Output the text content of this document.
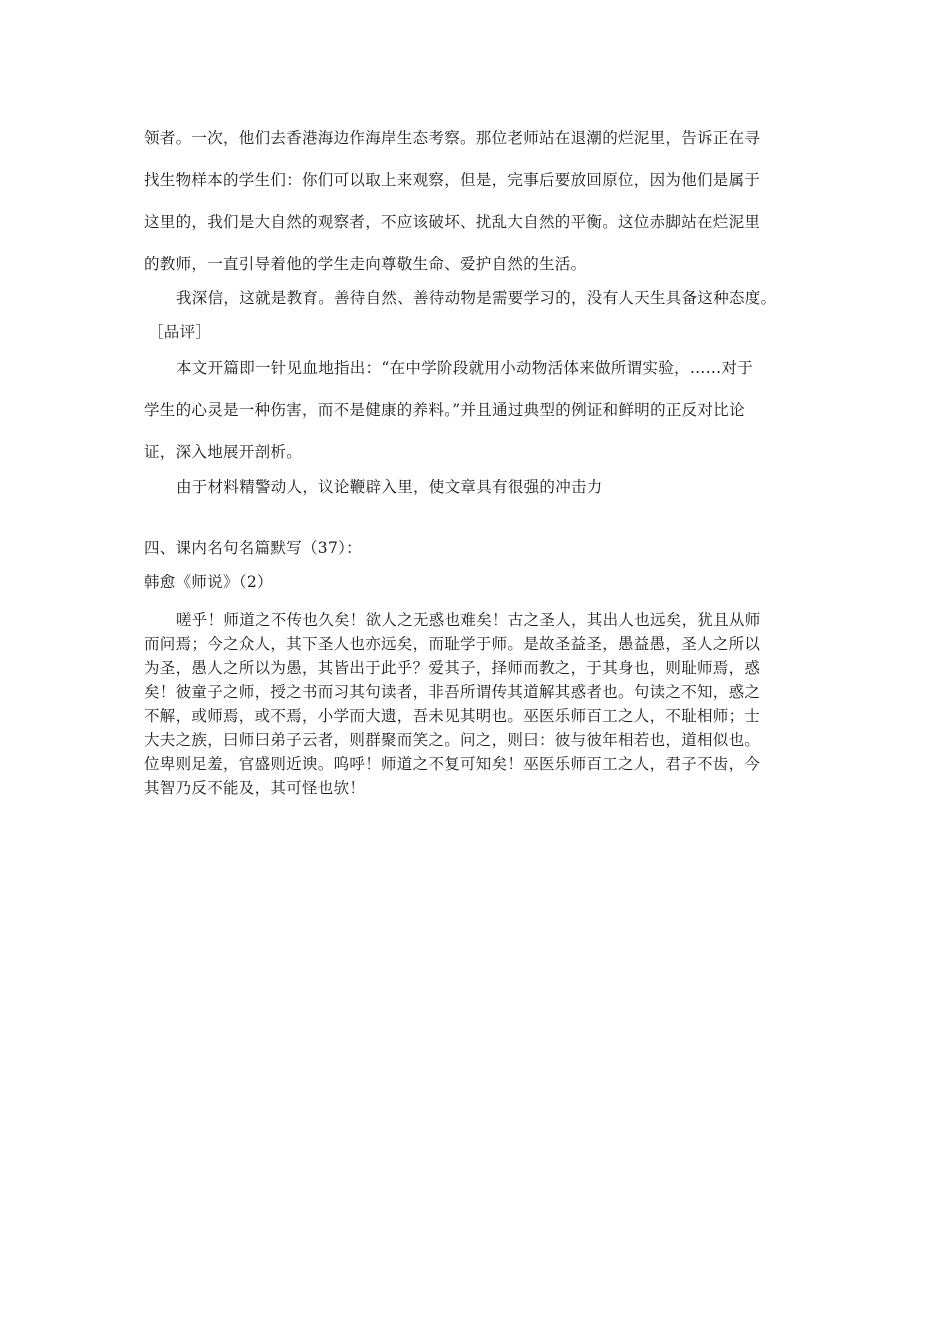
领者。一次，他们去香港海边作海岸生态考察。那位老师站在退潮的烂泥里，告诉正在寻
找生物样本的学生们：你们可以取上来观察，但是，完事后要放回原位，因为他们是属于
这里的，我们是大自然的观察者，不应该破坏、扰乱大自然的平衡。这位赤脚站在烂泥里
的教师，一直引导着他的学生走向尊敬生命、爱护自然的生活。
我深信，这就是教育。善待自然、善待动物是需要学习的，没有人天生具备这种态度。
［品评］
本文开篇即一针见血地指出：“在中学阶段就用小动物活体来做所谓实验，……对于
学生的心灵是一种伤害，而不是健康的养料。”并且通过典型的例证和鲜明的正反对比论
证，深入地展开剖析。
由于材料精警动人，议论鞭辟入里，使文章具有很强的冲击力
四、课内名句名篇默写（37）：
韩愈《师说》（2）
嗟乎！师道之不传也久矣！欲人之无惑也难矣！古之圣人，其出人也远矣，犹且从师
而问焉；今之众人，其下圣人也亦远矣，而耻学于师。是故圣益圣，愚益愚，圣人之所以
为圣，愚人之所以为愚，其皆出于此乎？爱其子，择师而教之，于其身也，则耻师焉，惑
矣！彼童子之师，授之书而习其句读者，非吾所谓传其道解其惑者也。句读之不知，惑之
不解，或师焉，或不焉，小学而大遗，吾未见其明也。巫医乐师百工之人，不耻相师；士
大夫之族，曰师曰弟子云者，则群聚而笑之。问之，则曰：彼与彼年相若也，道相似也。
位卑则足羞，官盛则近谀。呜呼！师道之不复可知矣！巫医乐师百工之人，君子不齿，今
其智乃反不能及，其可怪也欤！
